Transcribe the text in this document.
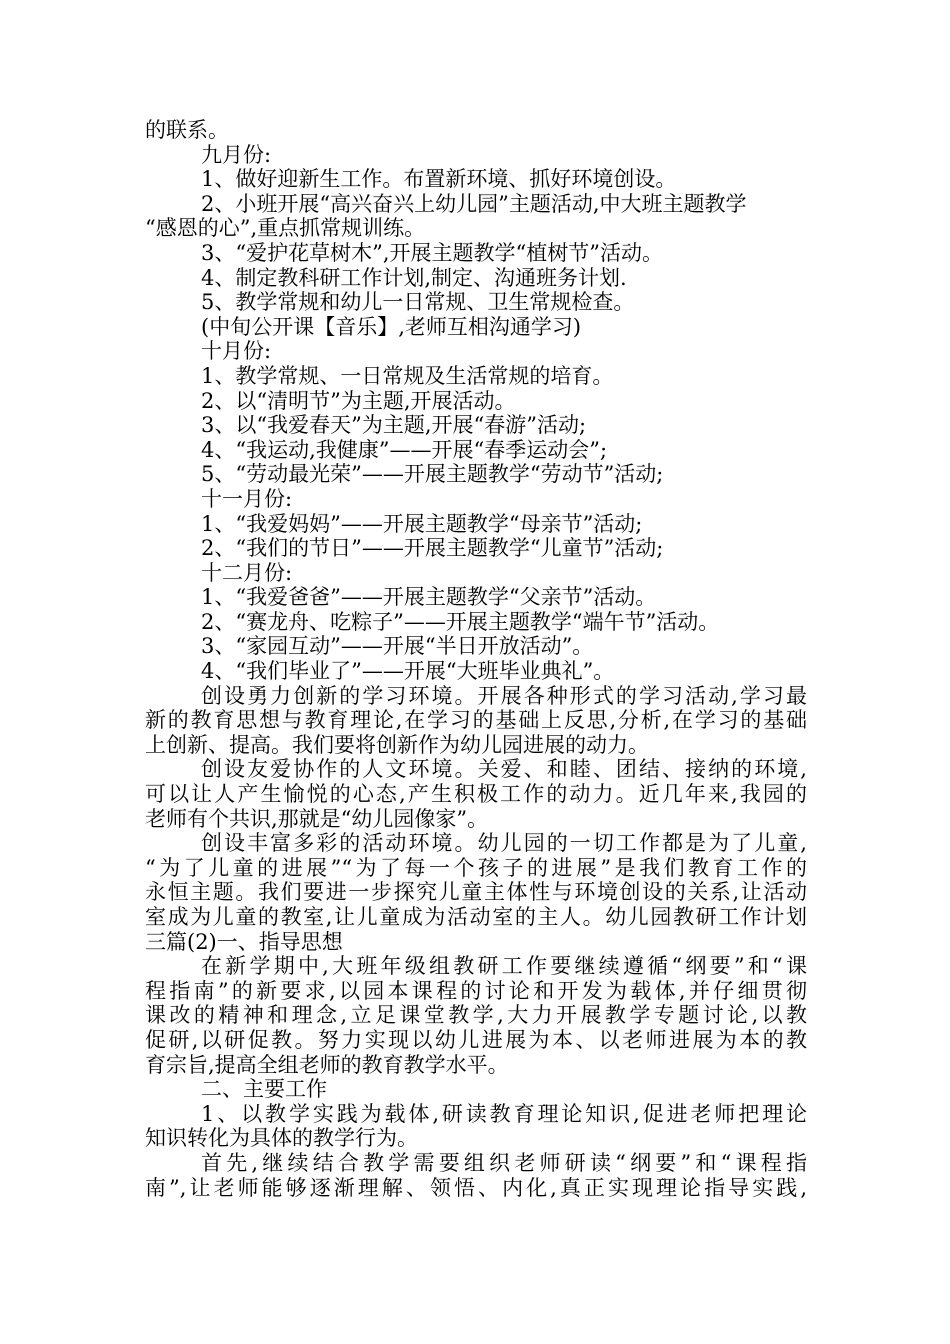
的联系。
九月份:
1、做好迎新生工作。布置新环境、抓好环境创设。
2、小班开展“高兴奋兴上幼儿园”主题活动,中大班主题教学
“感恩的心”,重点抓常规训练。
3、“爱护花草树木”,开展主题教学“植树节”活动。
4、制定教科研工作计划,制定、沟通班务计划.
5、教学常规和幼儿一日常规、卫生常规检查。
(中旬公开课【音乐】,老师互相沟通学习)
十月份:
1、教学常规、一日常规及生活常规的培育。
2、以“清明节”为主题,开展活动。
3、以“我爱春天”为主题,开展“春游”活动;
4、“我运动,我健康”——开展“春季运动会”;
5、“劳动最光荣”——开展主题教学“劳动节”活动;
十一月份:
1、“我爱妈妈”——开展主题教学“母亲节”活动;
2、“我们的节日”——开展主题教学“儿童节”活动;
十二月份:
1、“我爱爸爸”——开展主题教学“父亲节”活动。
2、“赛龙舟、吃粽子”——开展主题教学“端午节”活动。
3、“家园互动”——开展“半日开放活动”。
4、“我们毕业了”——开展“大班毕业典礼”。
创设勇力创新的学习环境。开展各种形式的学习活动,学习最
新的教育思想与教育理论,在学习的基础上反思,分析,在学习的基础
上创新、提高。我们要将创新作为幼儿园进展的动力。
创设友爱协作的人文环境。关爱、和睦、团结、接纳的环境,
可以让人产生愉悦的心态,产生积极工作的动力。近几年来,我园的
老师有个共识,那就是“幼儿园像家”。
创设丰富多彩的活动环境。幼儿园的一切工作都是为了儿童,
“为了儿童的进展”“为了每一个孩子的进展”是我们教育工作的
永恒主题。我们要进一步探究儿童主体性与环境创设的关系,让活动
室成为儿童的教室,让儿童成为活动室的主人。幼儿园教研工作计划
三篇(2)一、指导思想
在新学期中,大班年级组教研工作要继续遵循“纲要”和“课
程指南”的新要求,以园本课程的讨论和开发为载体,并仔细贯彻
课改的精神和理念,立足课堂教学,大力开展教学专题讨论,以教
促研,以研促教。努力实现以幼儿进展为本、以老师进展为本的教
育宗旨,提高全组老师的教育教学水平。
二、主要工作
1、以教学实践为载体,研读教育理论知识,促进老师把理论
知识转化为具体的教学行为。
首先,继续结合教学需要组织老师研读“纲要”和“课程指
南”,让老师能够逐渐理解、领悟、内化,真正实现理论指导实践,
